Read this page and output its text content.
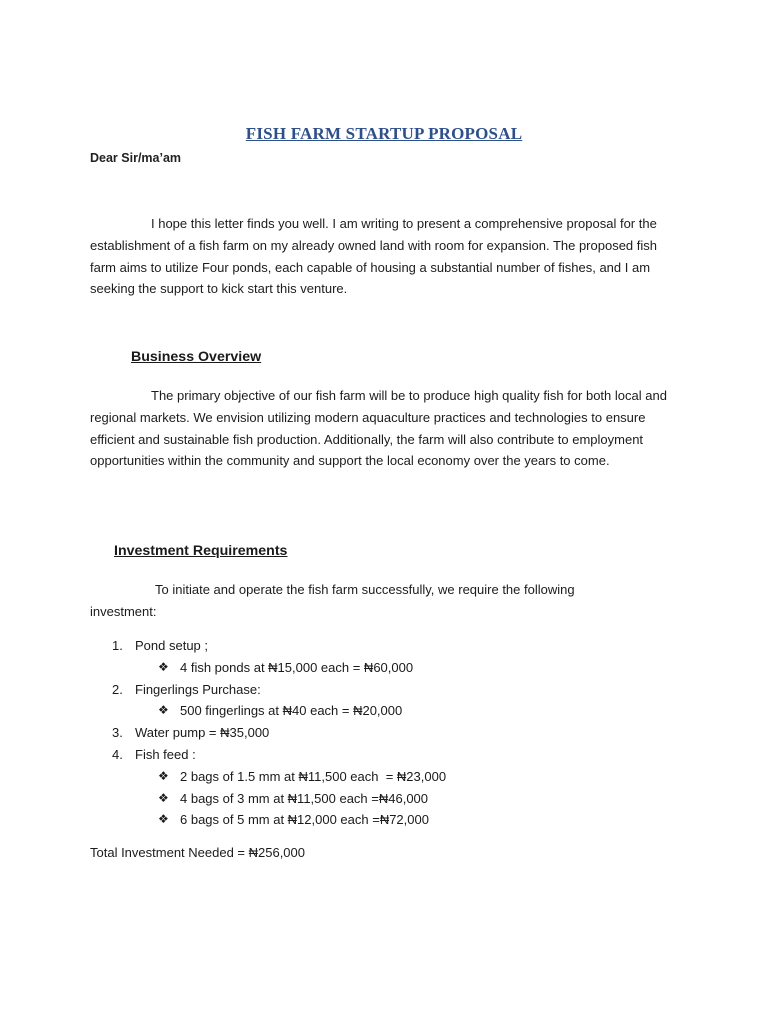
FISH FARM STARTUP PROPOSAL
Dear Sir/ma’am
I hope this letter finds you well. I am writing to present a comprehensive proposal for the establishment of a fish farm on my already owned land with room for expansion. The proposed fish farm aims to utilize Four ponds, each capable of housing a substantial number of fishes, and I am seeking the support to kick start this venture.
Business Overview
The primary objective of our fish farm will be to produce high quality fish for both local and regional markets. We envision utilizing modern aquaculture practices and technologies to ensure efficient and sustainable fish production. Additionally, the farm will also contribute to employment opportunities within the community and support the local economy over the years to come.
Investment Requirements
To initiate and operate the fish farm successfully, we require the following investment:
1. Pond setup ;
❖ 4 fish ponds at ₦15,000 each = ₦60,000
2. Fingerlings Purchase:
❖ 500 fingerlings at ₦40 each = ₦20,000
3. Water pump = ₦35,000
4. Fish feed :
❖ 2 bags of 1.5 mm at ₦11,500 each  = ₦23,000
❖ 4 bags of 3 mm at ₦11,500 each =₦46,000
❖ 6 bags of 5 mm at ₦12,000 each =₦72,000
Total Investment Needed = ₦256,000
